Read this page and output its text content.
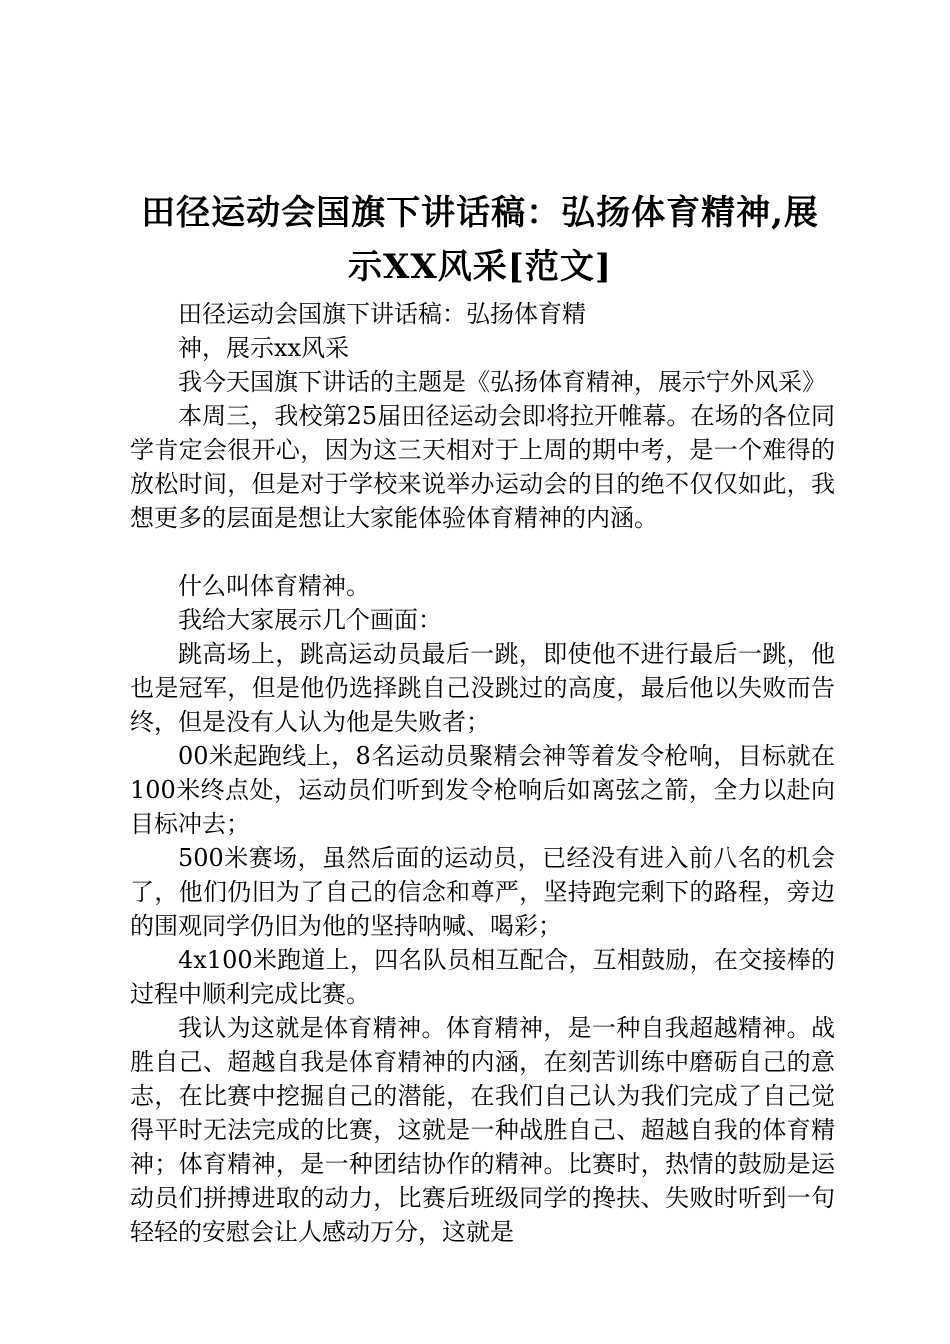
田径运动会国旗下讲话稿：弘扬体育精神,展
示XX风采[范文]

田径运动会国旗下讲话稿：弘扬体育精

神，展示xx风采

我今天国旗下讲话的主题是《弘扬体育精神，展示宁外风采》

本周三，我校第25届田径运动会即将拉开帷幕。在场的各位同学肯定会很开心，因为这三天相对于上周的期中考，是一个难得的放松时间，但是对于学校来说举办运动会的目的绝不仅仅如此，我想更多的层面是想让大家能体验体育精神的内涵。

什么叫体育精神。

我给大家展示几个画面：

跳高场上，跳高运动员最后一跳，即使他不进行最后一跳，他也是冠军，但是他仍选择跳自己没跳过的高度，最后他以失败而告终，但是没有人认为他是失败者；

00米起跑线上，8名运动员聚精会神等着发令枪响，目标就在100米终点处，运动员们听到发令枪响后如离弦之箭，全力以赴向目标冲去；

500米赛场，虽然后面的运动员，已经没有进入前八名的机会了，他们仍旧为了自己的信念和尊严，坚持跑完剩下的路程，旁边的围观同学仍旧为他的坚持呐喊、喝彩；

4x100米跑道上，四名队员相互配合，互相鼓励，在交接棒的过程中顺利完成比赛。

我认为这就是体育精神。体育精神，是一种自我超越精神。战胜自己、超越自我是体育精神的内涵，在刻苦训练中磨砺自己的意志，在比赛中挖掘自己的潜能，在我们自己认为我们完成了自己觉得平时无法完成的比赛，这就是一种战胜自己、超越自我的体育精神；体育精神，是一种团结协作的精神。比赛时，热情的鼓励是运动员们拼搏进取的动力，比赛后班级同学的搀扶、失败时听到一句轻轻的安慰会让人感动万分，这就是
